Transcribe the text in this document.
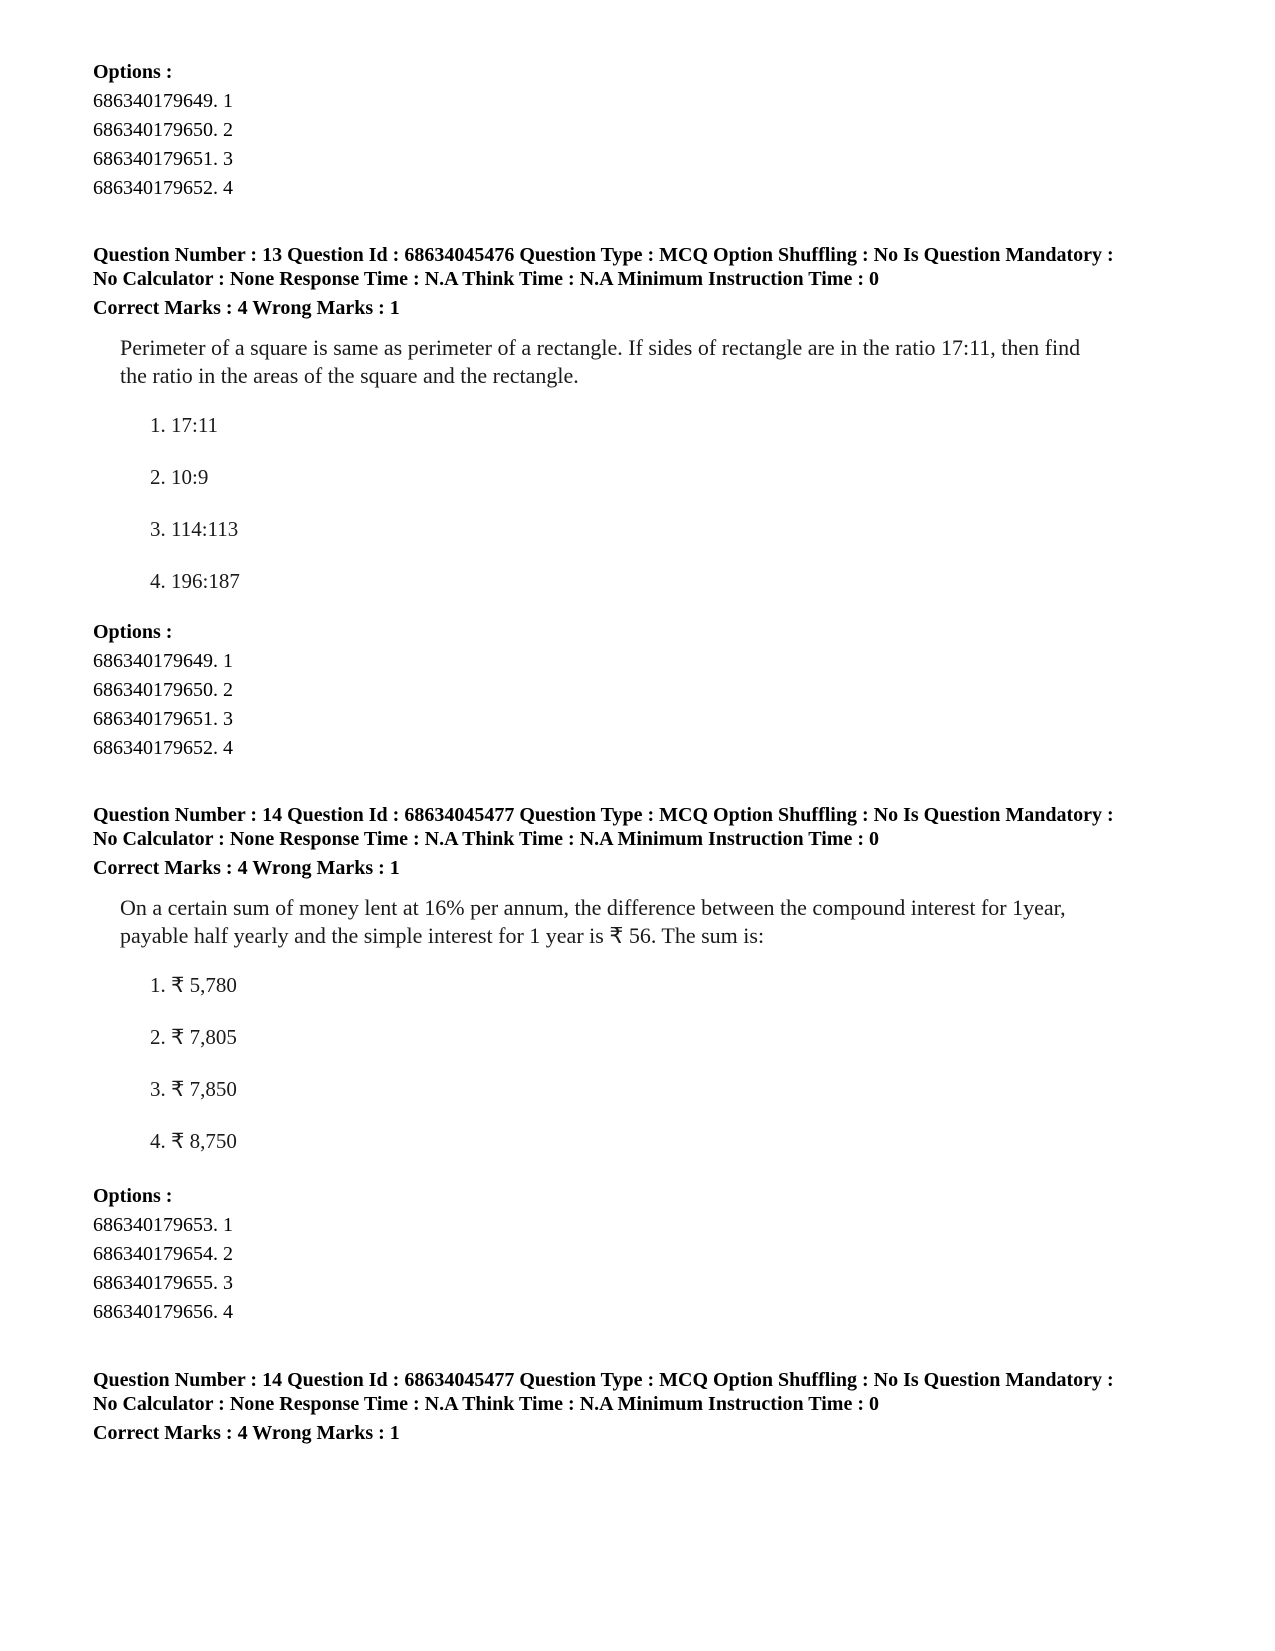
Options :
686340179649. 1
686340179650. 2
686340179651. 3
686340179652. 4
Question Number : 13 Question Id : 68634045476 Question Type : MCQ Option Shuffling : No Is Question Mandatory :
No Calculator : None Response Time : N.A Think Time : N.A Minimum Instruction Time : 0
Correct Marks : 4 Wrong Marks : 1
Perimeter of a square is same as perimeter of a rectangle. If sides of rectangle are in the ratio 17:11, then find
the ratio in the areas of the square and the rectangle.
1. 17:11
2. 10:9
3. 114:113
4. 196:187
Options :
686340179649. 1
686340179650. 2
686340179651. 3
686340179652. 4
Question Number : 14 Question Id : 68634045477 Question Type : MCQ Option Shuffling : No Is Question Mandatory :
No Calculator : None Response Time : N.A Think Time : N.A Minimum Instruction Time : 0
Correct Marks : 4 Wrong Marks : 1
On a certain sum of money lent at 16% per annum, the difference between the compound interest for 1year,
payable half yearly and the simple interest for 1 year is ₹ 56. The sum is:
1. ₹ 5,780
2. ₹ 7,805
3. ₹ 7,850
4. ₹ 8,750
Options :
686340179653. 1
686340179654. 2
686340179655. 3
686340179656. 4
Question Number : 14 Question Id : 68634045477 Question Type : MCQ Option Shuffling : No Is Question Mandatory :
No Calculator : None Response Time : N.A Think Time : N.A Minimum Instruction Time : 0
Correct Marks : 4 Wrong Marks : 1
